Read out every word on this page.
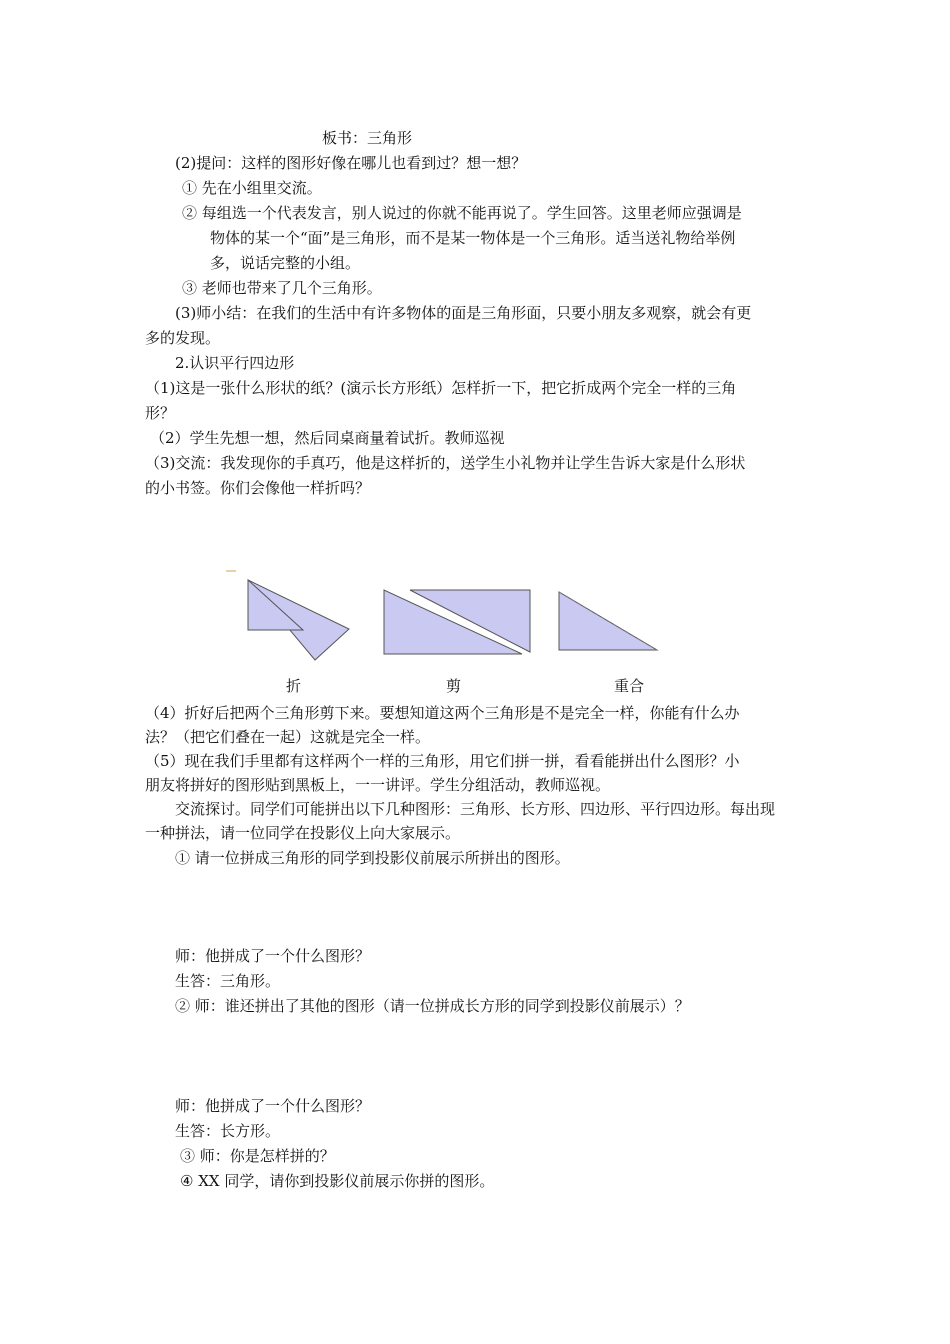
板书：三角形
(2)提问：这样的图形好像在哪儿也看到过？想一想？
① 先在小组里交流。
② 每组选一个代表发言，别人说过的你就不能再说了。学生回答。这里老师应强调是
物体的某一个“面”是三角形，而不是某一物体是一个三角形。适当送礼物给举例
多，说话完整的小组。
③ 老师也带来了几个三角形。
(3)师小结：在我们的生活中有许多物体的面是三角形面，只要小朋友多观察，就会有更
多的发现。
2.认识平行四边形
（1)这是一张什么形状的纸？(演示长方形纸）怎样折一下，把它折成两个完全一样的三角
形？
（2）学生先想一想，然后同桌商量着试折。教师巡视
（3)交流：我发现你的手真巧，他是这样折的，送学生小礼物并让学生告诉大家是什么形状
的小书签。你们会像他一样折吗？
折	剪	重合
（4）折好后把两个三角形剪下来。要想知道这两个三角形是不是完全一样，你能有什么办
法？（把它们叠在一起）这就是完全一样。
（5）现在我们手里都有这样两个一样的三角形，用它们拼一拼，看看能拼出什么图形？小
朋友将拼好的图形贴到黑板上，一一讲评。学生分组活动，教师巡视。
交流探讨。同学们可能拼出以下几种图形：三角形、长方形、四边形、平行四边形。每出现
一种拼法，请一位同学在投影仪上向大家展示。
① 请一位拼成三角形的同学到投影仪前展示所拼出的图形。
师：他拼成了一个什么图形？
生答：三角形。
② 师：谁还拼出了其他的图形（请一位拼成长方形的同学到投影仪前展示）？
师：他拼成了一个什么图形？
生答：长方形。
③ 师：你是怎样拼的？
④ XX 同学，请你到投影仪前展示你拼的图形。
